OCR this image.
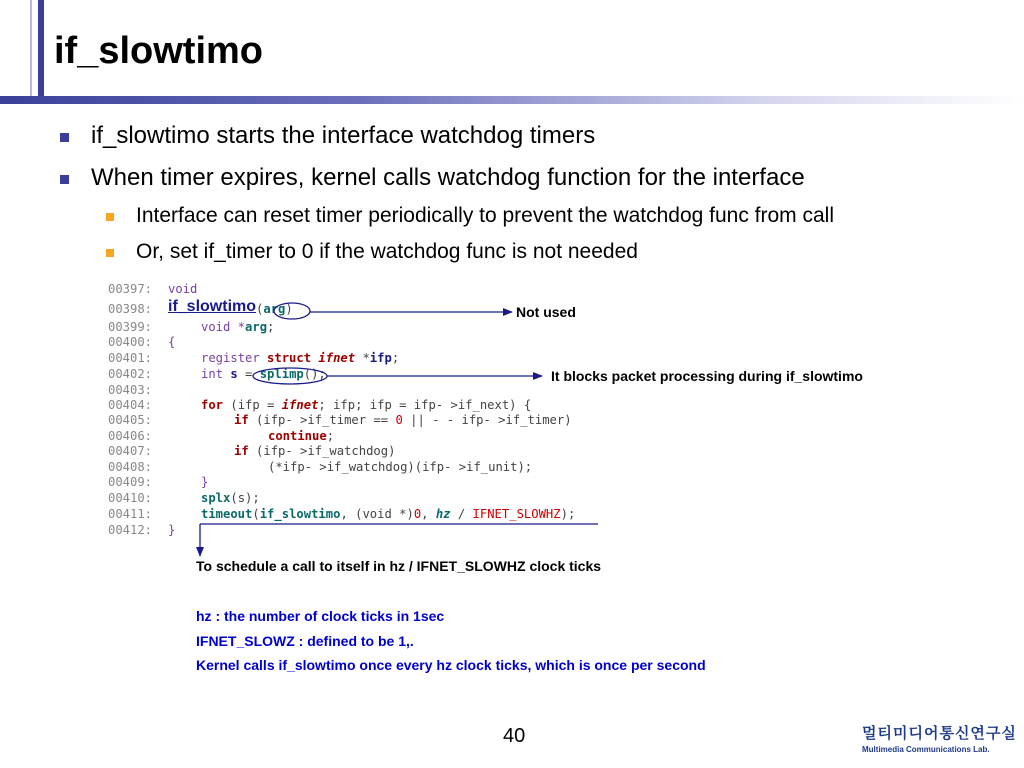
if_slowtimo
if_slowtimo starts the interface watchdog timers
When timer expires, kernel calls watchdog function for the interface
Interface can reset timer periodically to prevent the watchdog func from call
Or, set if_timer to 0 if the watchdog func is not needed
00397:	void
00398: if_slowtimo ( arg )
00399:	void * arg ;
00400:	{
00401:	register struct ifnet * ifp ;
00402:	int s = splimp ();
00403:
00404:	for (ifp = ifnet ; ifp; ifp = ifp- >if_next) {
00405:	if (ifp- >if_timer == 0 || - - ifp- >if_timer)
00406:	continue ;
00407:	if (ifp- >if_watchdog)
00408:	(*ifp- >if_watchdog)(ifp- >if_unit);
00409:	}
00410:	splx (s);
00411:	timeout ( if_slowtimo , (void *) 0 , hz / IFNET_SLOWHZ );
00412:	}
Not used
It blocks packet processing during if_slowtimo
To schedule a call to itself in hz / IFNET_SLOWHZ clock ticks
hz : the number of clock ticks in 1sec
IFNET_SLOWZ : defined to be 1,.
Kernel calls if_slowtimo once every hz clock ticks, which is once per second
40	멀티미디어통신연구실
Multimedia Communications Lab.
